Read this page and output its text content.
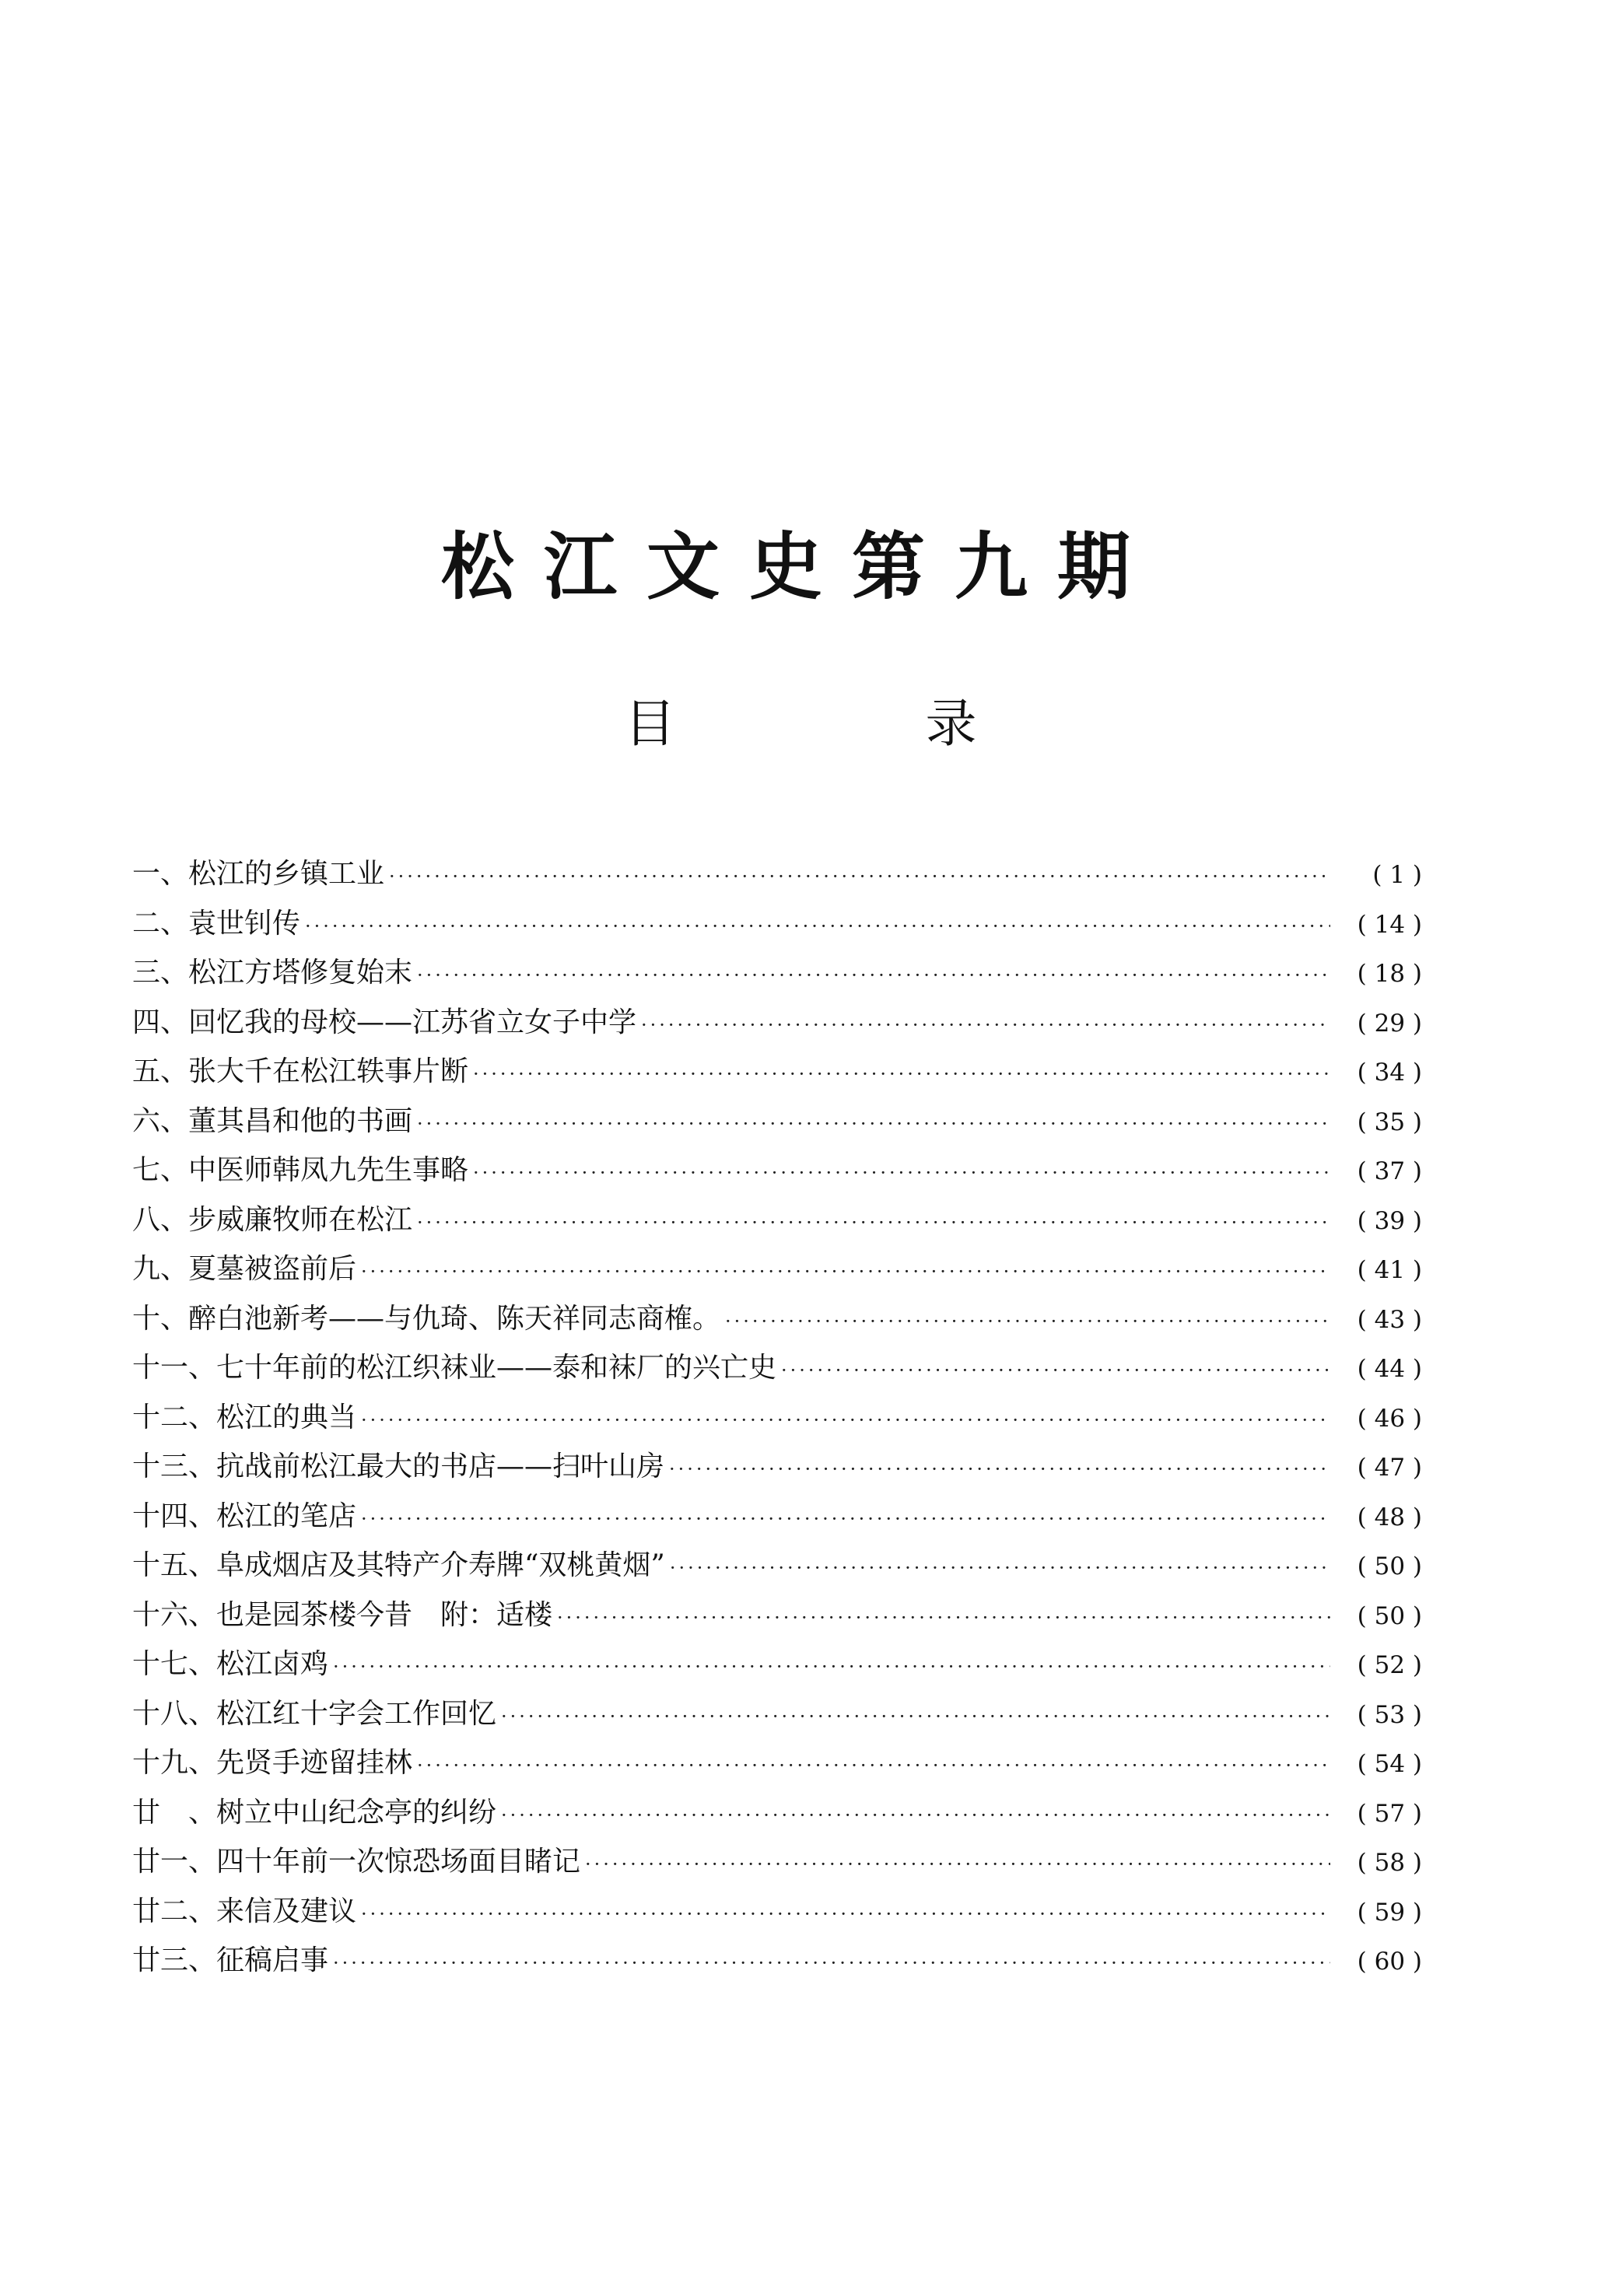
松江文史第九期
目 录
一、 松江的乡镇工业 ·····	( 1 )
二、 袁世钊传 ·····	( 14 )
三、 松江方塔修复始末 ·····	( 18 )
四、 回忆我的母校——江苏省立女子中学 ·····	( 29 )
五、 张大千在松江轶事片断 ·····	( 34 )
六、 董其昌和他的书画 ·····	( 35 )
七、 中医师韩凤九先生事略 ·····	( 37 )
八、 步威廉牧师在松江 ·····	( 39 )
九、 夏墓被盗前后 ·····	( 41 )
十、 醉白池新考——与仇琦、陈天祥同志商榷。 ·····	( 43 )
十一、 七十年前的松江织袜业——泰和袜厂的兴亡史 ·····	( 44 )
十二、 松江的典当 ·····	( 46 )
十三、 抗战前松江最大的书店——扫叶山房 ·····	( 47 )
十四、 松江的笔店 ·····	( 48 )
十五、 阜成烟店及其特产介寿牌“双桃黄烟” ·····	( 50 )
十六、 也是园茶楼今昔　附：适楼 ·····	( 50 )
十七、 松江卤鸡 ·····	( 52 )
十八、 松江红十字会工作回忆 ·····	( 53 )
十九、 先贤手迹留挂林 ·····	( 54 )
廿　、 树立中山纪念亭的纠纷 ·····	( 57 )
廿一、 四十年前一次惊恐场面目睹记 ·····	( 58 )
廿二、 来信及建议 ·····	( 59 )
廿三、 征稿启事 ·····	( 60 )
